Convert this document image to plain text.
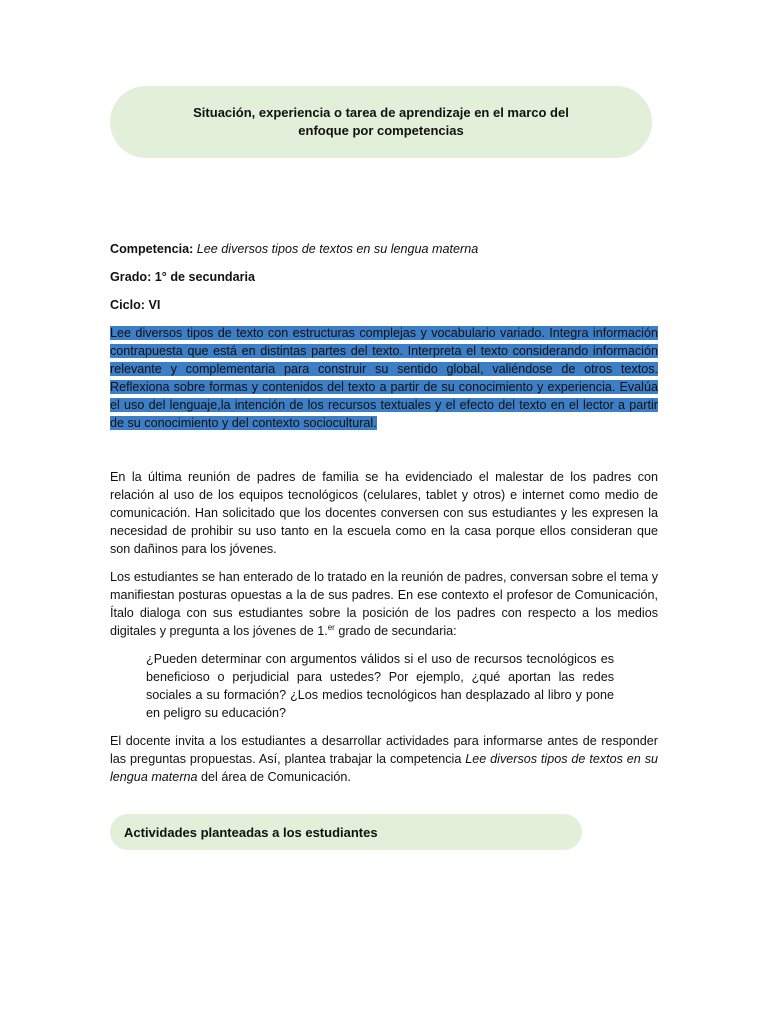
Situación, experiencia o tarea de aprendizaje en el marco del enfoque por competencias

Competencia: Lee diversos tipos de textos en su lengua materna

Grado: 1° de secundaria

Ciclo: VI

Lee diversos tipos de texto con estructuras complejas y vocabulario variado. Integra información contrapuesta que está en distintas partes del texto. Interpreta el texto considerando información relevante y complementaria para construir su sentido global, valiéndose de otros textos. Reflexiona sobre formas y contenidos del texto a partir de su conocimiento y experiencia. Evalúa el uso del lenguaje,la intención de los recursos textuales y el efecto del texto en el lector a partir de su conocimiento y del contexto sociocultural.

En la última reunión de padres de familia se ha evidenciado el malestar de los padres con relación al uso de los equipos tecnológicos (celulares, tablet y otros) e internet como medio de comunicación. Han solicitado que los docentes conversen con sus estudiantes y les expresen la necesidad de prohibir su uso tanto en la escuela como en la casa porque ellos consideran que son dañinos para los jóvenes.

Los estudiantes se han enterado de lo tratado en la reunión de padres, conversan sobre el tema y manifiestan posturas opuestas a la de sus padres. En ese contexto el profesor de Comunicación, Ítalo dialoga con sus estudiantes sobre la posición de los padres con respecto a los medios digitales y pregunta a los jóvenes de 1.$^{er}$ grado de secundaria:

¿Pueden determinar con argumentos válidos si el uso de recursos tecnológicos es beneficioso o perjudicial para ustedes? Por ejemplo, ¿qué aportan las redes sociales a su formación? ¿Los medios tecnológicos han desplazado al libro y pone en peligro su educación?

El docente invita a los estudiantes a desarrollar actividades para informarse antes de responder las preguntas propuestas. Así, plantea trabajar la competencia Lee diversos tipos de textos en su lengua materna del área de Comunicación.

Actividades planteadas a los estudiantes
